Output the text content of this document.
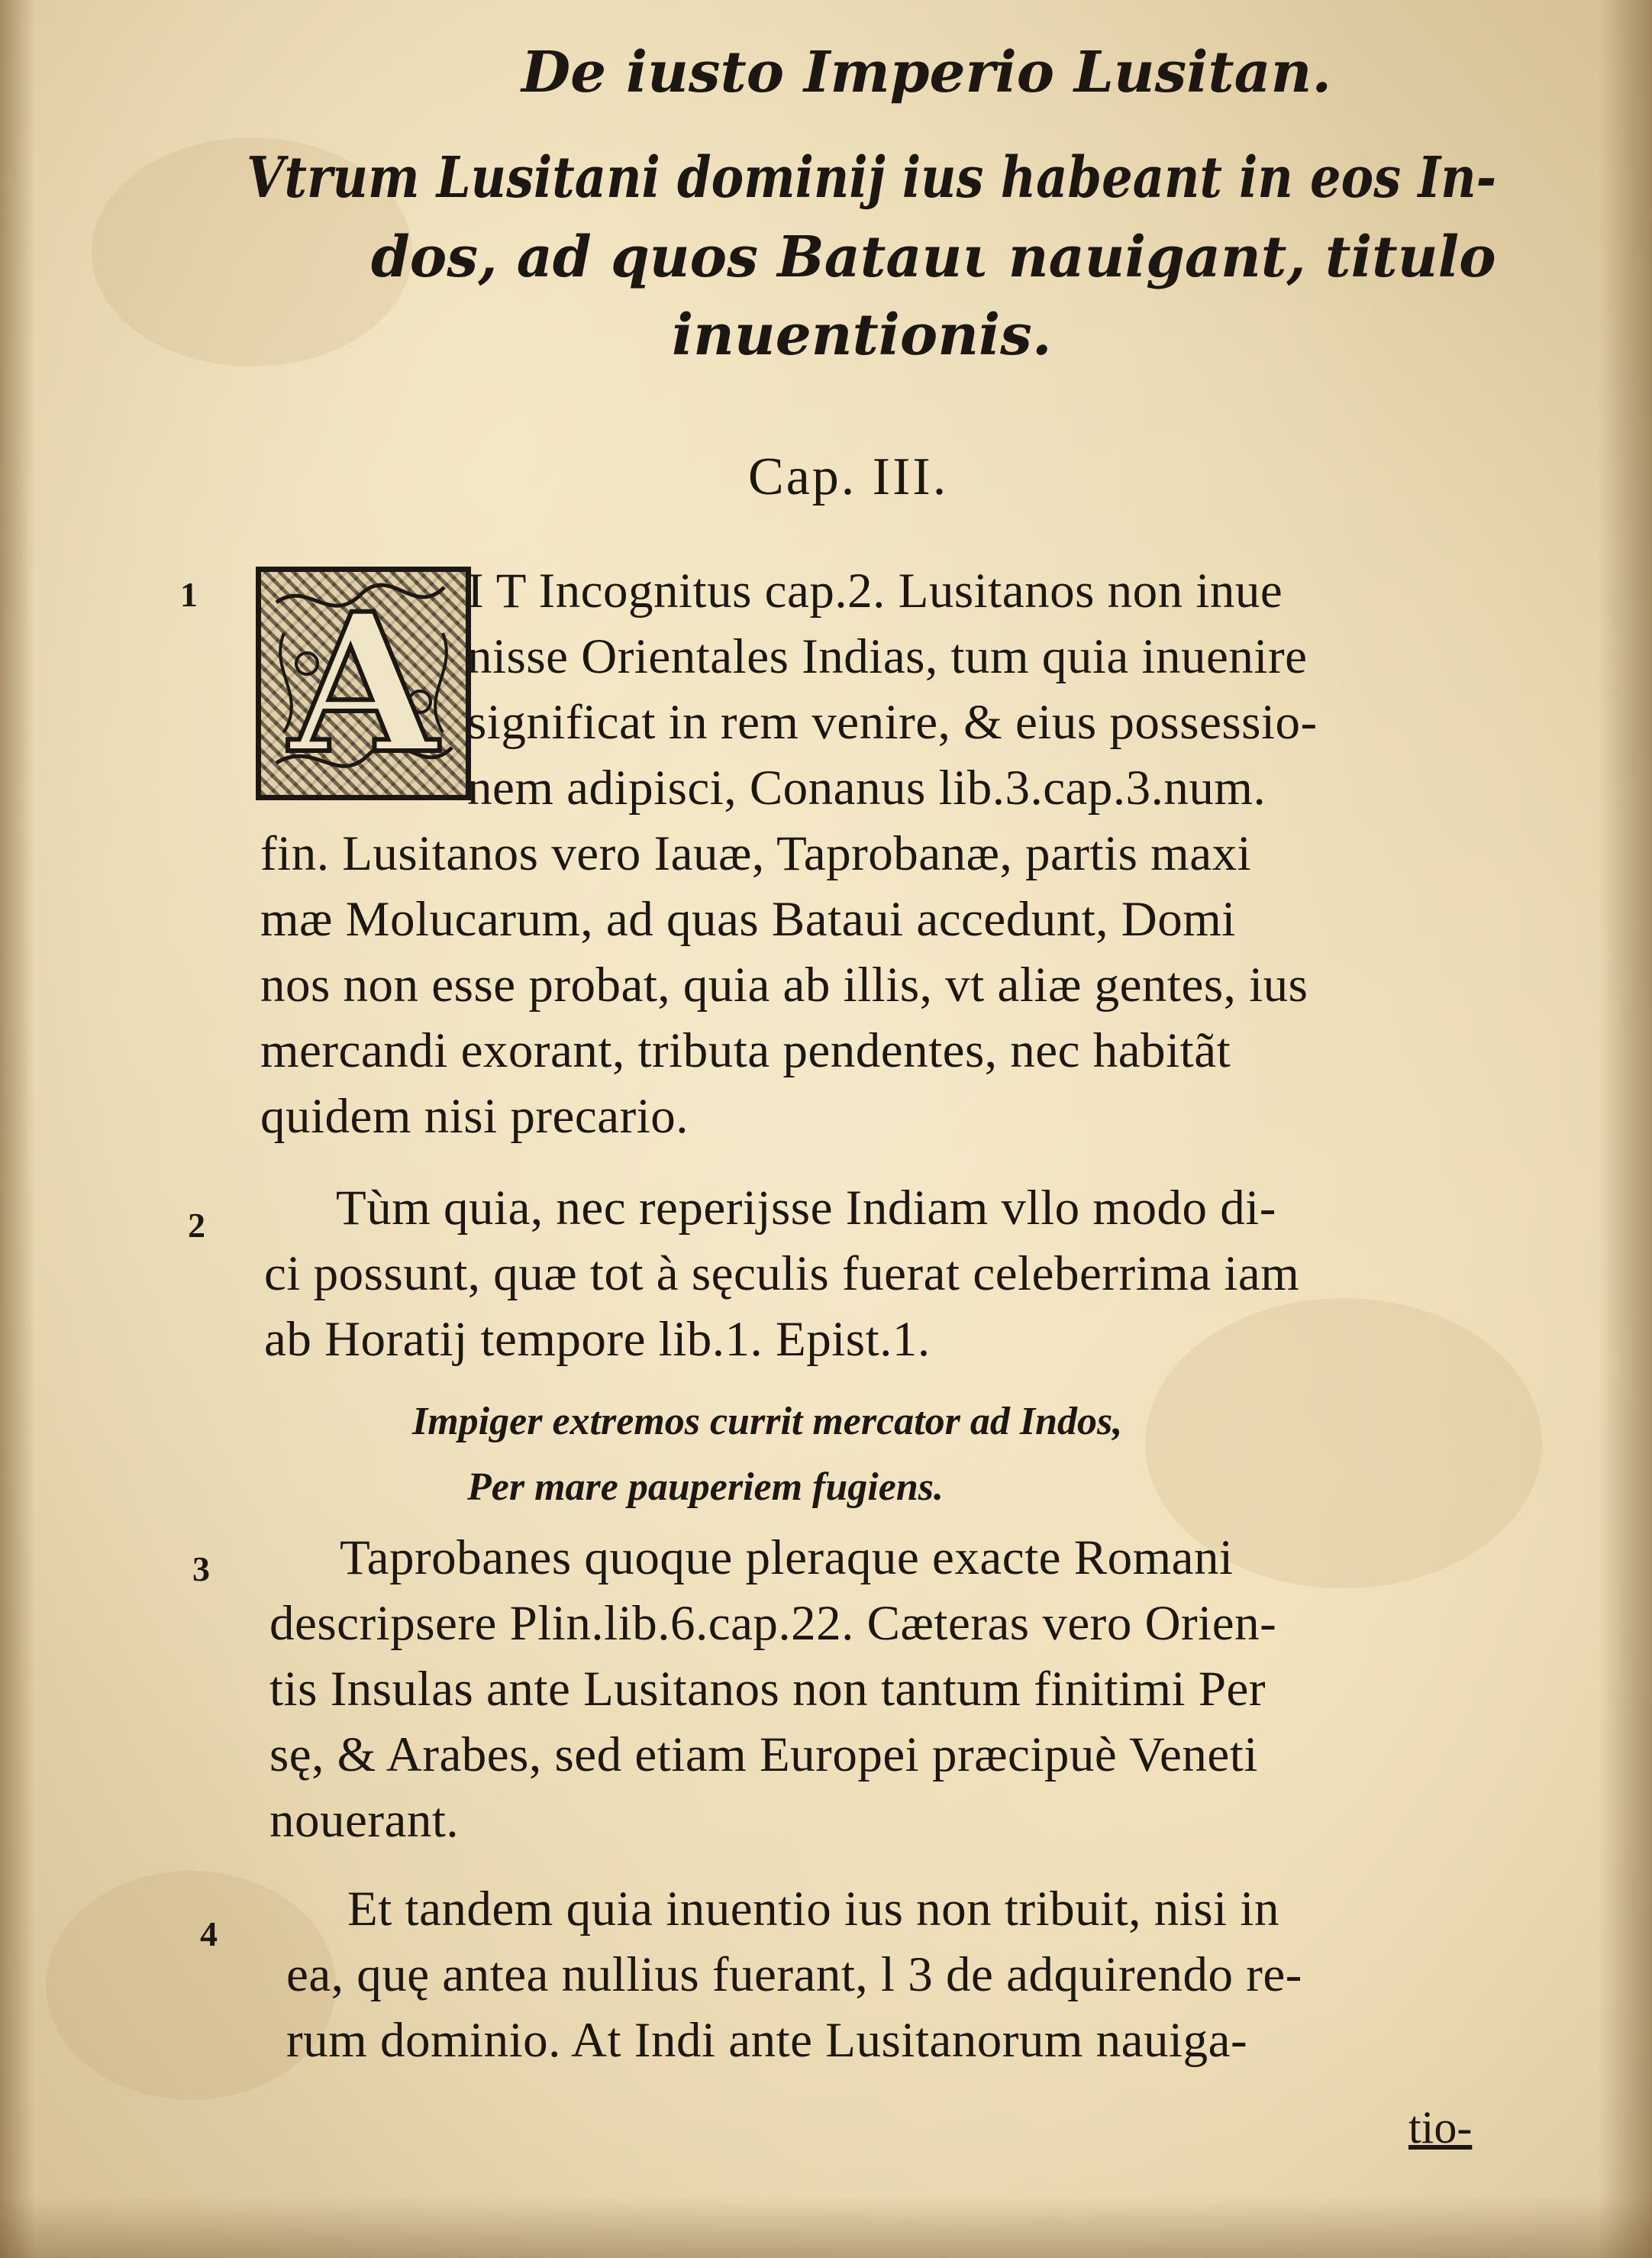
De iusto Imperio Lusitan.
Vtrum Lusitani dominij ius habeant in eos In-
dos, ad quos Batauι nauigant, titulo
inuentionis.
Cap. III.
A
1
2
3
4
I T Incognitus cap.2. Lusitanos non inue
nisse Orientales Indias, tum quia inuenire
significat in rem venire, & eius possessio-
nem adipisci, Conanus lib.3.cap.3.num.
fin. Lusitanos vero Iauæ, Taprobanæ, partis maxi
mæ Molucarum, ad quas Bataui accedunt, Domi
nos non esse probat, quia ab illis, vt aliæ gentes, ius
mercandi exorant, tributa pendentes, nec habitãt
quidem nisi precario.
Tùm quia, nec reperijsse Indiam vllo modo di-
ci possunt, quæ tot à sęculis fuerat celeberrima iam
ab Horatij tempore lib.1. Epist.1.
Impiger extremos currit mercator ad Indos,
Per mare pauperiem fugiens.
Taprobanes quoque pleraque exacte Romani
descripsere Plin.lib.6.cap.22. Cæteras vero Orien-
tis Insulas ante Lusitanos non tantum finitimi Per
sę, & Arabes, sed etiam Europei præcipuè Veneti
nouerant.
Et tandem quia inuentio ius non tribuit, nisi in
ea, quę antea nullius fuerant, l 3 de adquirendo re-
rum dominio. At Indi ante Lusitanorum nauiga-
tio-
